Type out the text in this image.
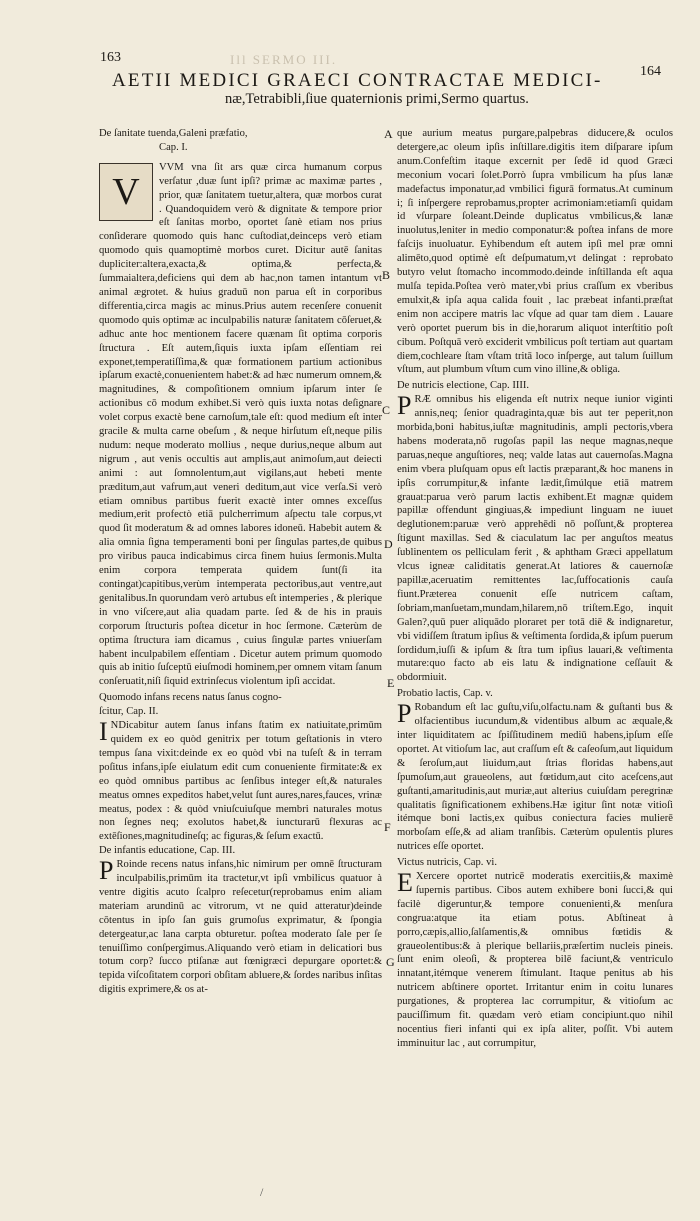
Ill SERMO III.
163
164
AETII MEDICI GRAECI CONTRACTAE MEDICI-
næ,Tetrabibli,ſiue quaternionis primi,Sermo quartus.
A
B
C
D
E
F
G

De ſanitate tuenda,Galeni præfatio,

Cap. I.

V
VVM vna ſit ars quæ circa humanum corpus verſatur ,duæ ſunt ipſi? primæ ac maximæ partes , prior, quæ ſanitatem tuetur,altera, quæ morbos curat . Quandoquidem verò & dignitate & tempore prior eſt ſanitas morbo, oportet ſanè etiam nos prius conſiderare quomodo quis hanc cuſtodiat,deinceps verò etiam quomodo quis quamoptimè morbos curet. Dicitur autē ſanitas dupliciter:altera,exacta,& optima,& perfecta,& ſummaialtera,deficiens qui dem ab hac,non tamen intantum vt animal ægrotet. & huius graduū non parua eſt in corporibus differentia,circa magis ac minus.Prius autem recenſere conuenit quomodo quis optimæ ac inculpabilis naturæ ſanitatem cōſeruet,& adhuc ante hoc mentionem facere quænam ſit optima corporis ſtructura . Eſt autem,ſiquis iuxta ipſam eſſentiam rei exponet,temperatiſſima,& quæ formationem partium actionibus ipſarum exactè,conuenientem habet:& ad hæc numerum omnem,& magnitudines, & compoſitionem omnium ipſarum inter ſe actionibus cō modum exhibet.Si verò quis iuxta notas deſignare volet corpus exactè bene carnoſum,tale eſt: quod medium eſt inter gracile & multa carne obeſum , & neque hirſutum eſt,neque pilis nudum: neque moderato mollius , neque durius,neque album aut nigrum , aut venis occultis aut amplis,aut animoſum,aut deiecti animi : aut ſomnolentum,aut vigilans,aut hebeti mente præditum,aut vafrum,aut veneri deditum,aut vice verſa.Si verò etiam omnibus partibus fuerit exactè inter omnes exceſſus medium,erit profectò etiā pulcherrimum aſpectu tale corpus,vt quod ſit moderatum & ad omnes labores idoneū. Habebit autem & alia omnia ſigna temperamenti boni per ſingulas partes,de quibus pro viribus pauca indicabimus circa finem huius ſermonis.Multa enim corpora temperata quidem ſunt(ſi ita contingat)capitibus,verùm intemperata pectoribus,aut ventre,aut genitalibus.In quorundam verò artubus eſt intemperies , & plerique in vno viſcere,aut alia quadam parte. ſed & de his in prauis corporum ſtructuris poſtea dicetur in hoc ſermone. Cæterùm de optima ſtructura iam dicamus , cuius ſingulæ partes vniuerſam habent inculpabilem eſſentiam . Dicetur autem primum quomodo quis ab initio ſuſceptū eiuſmodi hominem,per omnem vitam ſanum conſeruatit,niſi ſiquid extrinſecus violentum ipſi accidat.

Quomodo infans recens natus ſanus cogno-

ſcitur, Cap. II.

I NDicabitur autem ſanus infans ſtatim ex natiuitate,primūm quidem ex eo quòd genitrix per totum geſtationis in vtero tempus ſana vixit:deinde ex eo quòd vbi na tuſeſt & in terram poſitus infans,ipſe eiulatum edit cum conueniente firmitate:& ex eo quòd omnibus partibus ac ſenſibus integer eſt,& naturales meatus omnes expeditos habet,velut ſunt aures,nares,fauces, vrinæ meatus, podex : & quòd vniuſcuiuſque membri naturales motus non ſegnes neq; exolutos habet,& iuncturarū flexuras ac extēſiones,magnitudineſq; ac figuras,& ſeſum exactū.

De infantis educatione, Cap. III.

P Roinde recens natus infans,hic nimirum per omnē ſtructuram inculpabilis,primūm ita tractetur,vt ipſi vmbilicus quatuor à ventre digitis acuto ſcalpro reſecetur(reprobamus enim aliam materiam arundinū ac vitrorum, vt ne quid atteratur)deinde cōtentus in ipſo ſan guis grumoſus exprimatur, & ſpongia detergeatur,ac lana carpta obturetur. poſtea moderato ſale per ſe tenuiſſimo conſpergimus.Aliquando verò etiam in delicatiori bus totum corp? ſucco ptiſanæ aut fœnigræci depurgare oportet:& tepida viſcoſitatem corpori obſitam abluere,& ſordes naribus inſitas digitis exprimere,& os at-

que aurium meatus purgare,palpebras diducere,& oculos detergere,ac oleum ipſis inſtillare.digitis item diſparare ipſum anum.Confeſtim itaque excernit per ſedē id quod Græci meconium vocari ſolet.Porrò ſupra vmbilicum ha pſus lanæ madefactus imponatur,ad vmbilici figurā formatus.At cuminum i; ſi inſpergere reprobamus,propter acrimoniam:etiamſi quidam id vſurpare ſoleant.Deinde duplicatus vmbilicus,& lanæ inuolutus,leniter in medio componatur:& poſtea infans de more faſcijs inuoluatur. Eyhibendum eſt autem ipſi mel præ omni alimēto,quod optimè eſt deſpumatum,vt delingat : reprobato butyro velut ſtomacho incommodo.deinde inſtillanda eſt aqua mulſa tepida.Poſtea verò mater,vbi prius craſſum ex vberibus emulxit,& ipſa aqua calida fouit , lac præbeat infanti.præſtat enim non accipere matris lac vſque ad quar tam diem . Lauare verò oportet puerum bis in die,horarum aliquot interſtitio poſt cibum. Poſtquā verò exciderit vmbilicus poſt tertiam aut quartam diem,cochleare ſtam vſtam tritā loco inſperge, aut talum ſuillum vſtum, aut plumbum vſtum cum vino illine,& obliga.

De nutricis electione, Cap. IIII.

P RÆ omnibus his eligenda eſt nutrix neque iunior viginti annis,neq; ſenior quadraginta,quæ bis aut ter peperit,non morbida,boni habitus,iuſtæ magnitudinis, ampli pectoris,vbera habens moderata,nō rugoſas papil las neque magnas,neque paruas,neque anguſtiores, neq; valde latas aut cauernoſas.Magna enim vbera pluſquam opus eſt lactis præparant,& hoc manens in ipſis corrumpitur,& infante lædit,ſimúlque etiā matrem grauat:parua verò parum lactis exhibent.Et magnæ quidem papillæ offendunt gingiuas,& impediunt linguam ne iuuet deglutionem:paruæ verò apprehēdi nō poſſunt,& propterea ſtigunt maxillas. Sed & ciaculatum lac per anguſtos meatus ſublinentem os pelliculam ferit , & aphtham Græci appellatum vlcus igneæ caliditatis generat.At latiores & cauernoſæ papillæ,aceruatim remittentes lac,ſuffocationis cauſa fiunt.Præterea conuenit eſſe nutricem caſtam, ſobriam,manſuetam,mundam,hilarem,nō triſtem.Ego, inquit Galen?,quū puer aliquādo ploraret per totā diē & indignaretur, vbi vidiſſem ſtratum ipſius & veſtimenta ſordida,& ipſum puerum ſordidum,iuſſi & ipſum & ſtra tum ipſius lauari,& veſtimenta mutare:quo facto ab eis latu & indignatione ceſſauit & obdormiuit.

Probatio lactis, Cap. v.

P Robandum eſt lac guſtu,viſu,olfactu.nam & guſtanti bus & olfacientibus iucundum,& videntibus album ac æquale,& inter liquiditatem ac ſpiſſitudinem mediū habens,ipſum eſſe oportet. At vitioſum lac, aut craſſum eſt & caſeoſum,aut liquidum & ſeroſum,aut liuidum,aut ſtrias floridas habens,aut ſpumoſum,aut graueolens, aut fœtidum,aut cito aceſcens,aut guſtanti,amaritudinis,aut muriæ,aut alterius cuiuſdam peregrinæ qualitatis ſignificationem exhibens.Hæ igitur ſint notæ vitioſi itémque boni lactis,ex quibus coniectura facies mulierē morboſam eſſe,& ad aliam tranſibis. Cæterùm opulentis plures nutrices eſſe oportet.

Victus nutricis, Cap. vi.

E Xercere oportet nutricē moderatis exercitiis,& maximè ſupernis partibus. Cibos autem exhibere boni ſucci,& qui facilè digeruntur,& tempore conuenienti,& menſura congrua:atque ita etiam potus. Abſtineat à porro,cæpis,allio,ſalſamentis,& omnibus fœtidis & graueolentibus:& à plerique bellariis,præſertim nucleis pineis. ſunt enim oleoſi, & propterea bilē faciunt,& ventriculo innatant,itémque venerem ſtimulant. Itaque penitus ab his nutricem abſtinere oportet. Irritantur enim in coitu lunares purgationes, & propterea lac corrumpitur, & vitioſum ac pauciſſimum fit. quædam verò etiam concipiunt.quo nihil nocentius fieri infanti qui ex ipſa aliter, poſſit. Vbi autem imminuitur lac , aut corrumpitur,

/
